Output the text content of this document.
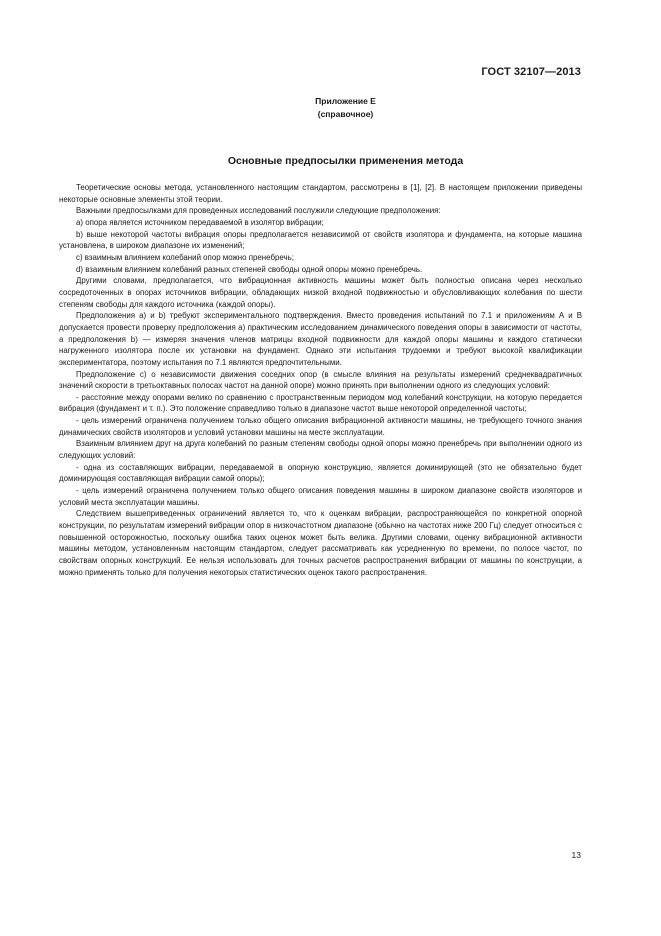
ГОСТ 32107—2013
Приложение Е
(справочное)
Основные предпосылки применения метода

Теоретические основы метода, установленного настоящим стандартом, рассмотрены в [1], [2]. В настоящем приложении приведены некоторые основные элементы этой теории.

Важными предпосылками для проведенных исследований послужили следующие предположения:

a) опора является источником передаваемой в изолятор вибрации;

b) выше некоторой частоты вибрация опоры предполагается независимой от свойств изолятора и фундамента, на которые машина установлена, в широком диапазоне их изменений;

c) взаимным влиянием колебаний опор можно пренебречь;

d) взаимным влиянием колебаний разных степеней свободы одной опоры можно пренебречь.

Другими словами, предполагается, что вибрационная активность машины может быть полностью описана через несколько сосредоточенных в опорах источников вибрации, обладающих низкой входной подвижностью и обусловливающих колебания по шести степеням свободы для каждого источника (каждой опоры).

Предположения a) и b) требуют экспериментального подтверждения. Вместо проведения испытаний по 7.1 и приложениям А и В допускается провести проверку предположения a) практическим исследованием динамического поведения опоры в зависимости от частоты, а предположения b) — измеряя значения членов матрицы входной подвижности для каждой опоры машины и каждого статически нагруженного изолятора после их установки на фундамент. Однако эти испытания трудоемки и требуют высокой квалификации экспериментатора, поэтому испытания по 7.1 являются предпочтительными.

Предположение c) о независимости движения соседних опор (в смысле влияния на результаты измерений среднеквадратичных значений скорости в третьоктавных полосах частот на данной опоре) можно принять при выполнении одного из следующих условий:

- расстояние между опорами велико по сравнению с пространственным периодом мод колебаний конструкции, на которую передается вибрация (фундамент и т. п.). Это положение справедливо только в диапазоне частот выше некоторой определенной частоты;

- цель измерений ограничена получением только общего описания вибрационной активности машины, не требующего точного знания динамических свойств изоляторов и условий установки машины на месте эксплуатации.

Взаимным влиянием друг на друга колебаний по разным степеням свободы одной опоры можно пренебречь при выполнении одного из следующих условий:

- одна из составляющих вибрации, передаваемой в опорную конструкцию, является доминирующей (это не обязательно будет доминирующая составляющая вибрации самой опоры);

- цель измерений ограничена получением только общего описания поведения машины в широком диапазоне свойств изоляторов и условий места эксплуатации машины.

Следствием вышеприведенных ограничений является то, что к оценкам вибрации, распространяющейся по конкретной опорной конструкции, по результатам измерений вибрации опор в низкочастотном диапазоне (обычно на частотах ниже 200 Гц) следует относиться с повышенной осторожностью, поскольку ошибка таких оценок может быть велика. Другими словами, оценку вибрационной активности машины методом, установленным настоящим стандартом, следует рассматривать как усредненную по времени, по полосе частот, по свойствам опорных конструкций. Ее нельзя использовать для точных расчетов распространения вибрации от машины по конструкции, а можно применять только для получения некоторых статистических оценок такого распространения.

13
